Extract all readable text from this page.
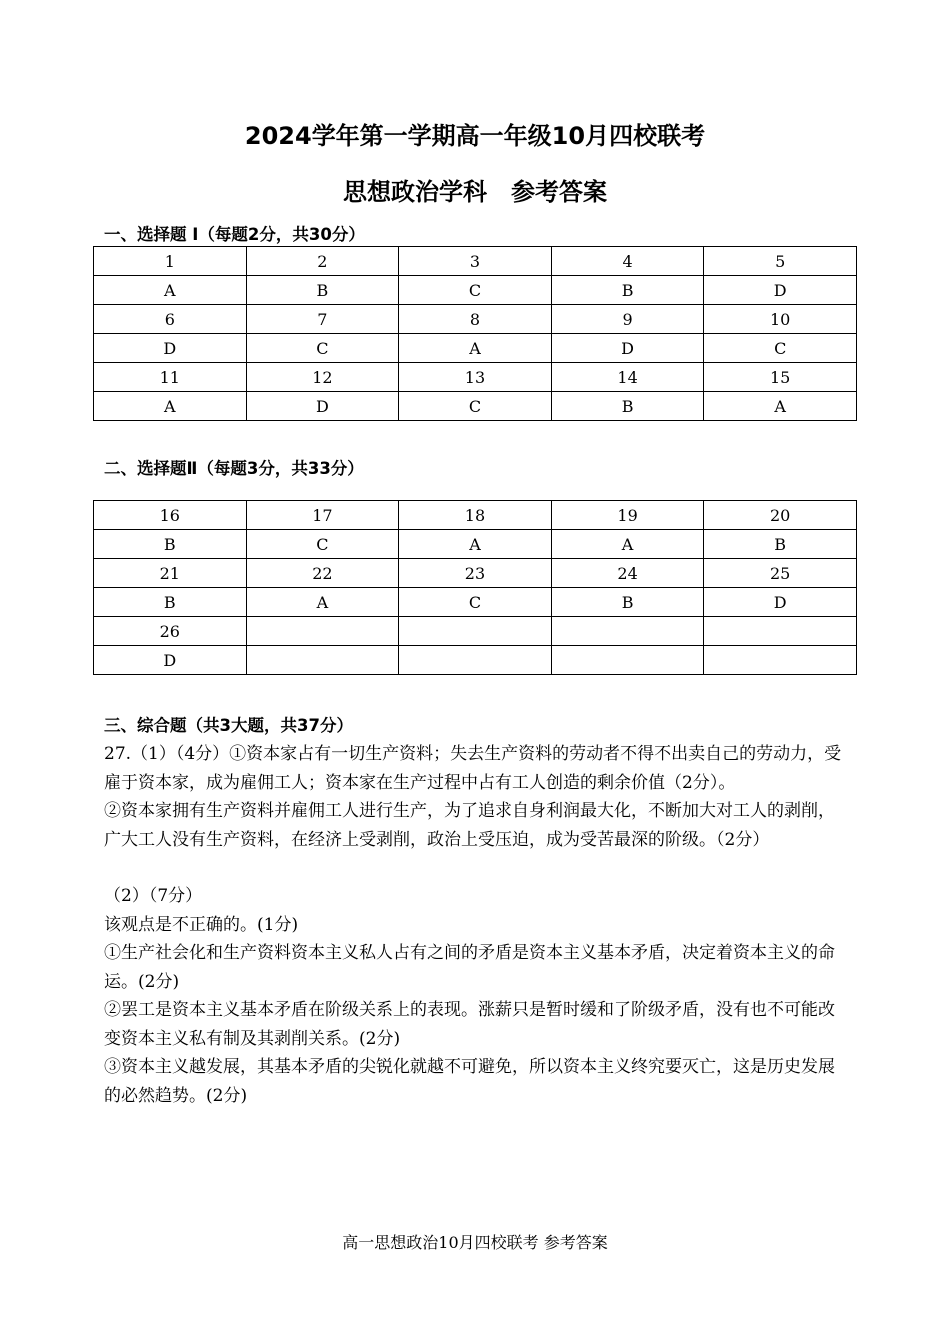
2024学年第一学期高一年级10月四校联考
思想政治学科　参考答案
一、选择题 I（每题2分，共30分）
1	2	3	4	5
A	B	C	B	D
6	7	8	9	10
D	C	A	D	C
11	12	13	14	15
A	D	C	B	A
二、选择题Ⅱ（每题3分，共33分）
16	17	18	19	20
B	C	A	A	B
21	22	23	24	25
B	A	C	B	D
26				
D				
三、综合题（共3大题，共37分）

27.（1）（4分）①资本家占有一切生产资料；失去生产资料的劳动者不得不出卖自己的劳动力，受雇于资本家，成为雇佣工人；资本家在生产过程中占有工人创造的剩余价值（2分）。

②资本家拥有生产资料并雇佣工人进行生产，为了追求自身利润最大化，不断加大对工人的剥削，广大工人没有生产资料，在经济上受剥削，政治上受压迫，成为受苦最深的阶级。（2分）

（2）（7分）

该观点是不正确的。(1分)

①生产社会化和生产资料资本主义私人占有之间的矛盾是资本主义基本矛盾，决定着资本主义的命运。(2分)

②罢工是资本主义基本矛盾在阶级关系上的表现。涨薪只是暂时缓和了阶级矛盾，没有也不可能改变资本主义私有制及其剥削关系。(2分)

③资本主义越发展，其基本矛盾的尖锐化就越不可避免，所以资本主义终究要灭亡，这是历史发展的必然趋势。(2分)

高一思想政治10月四校联考 参考答案
